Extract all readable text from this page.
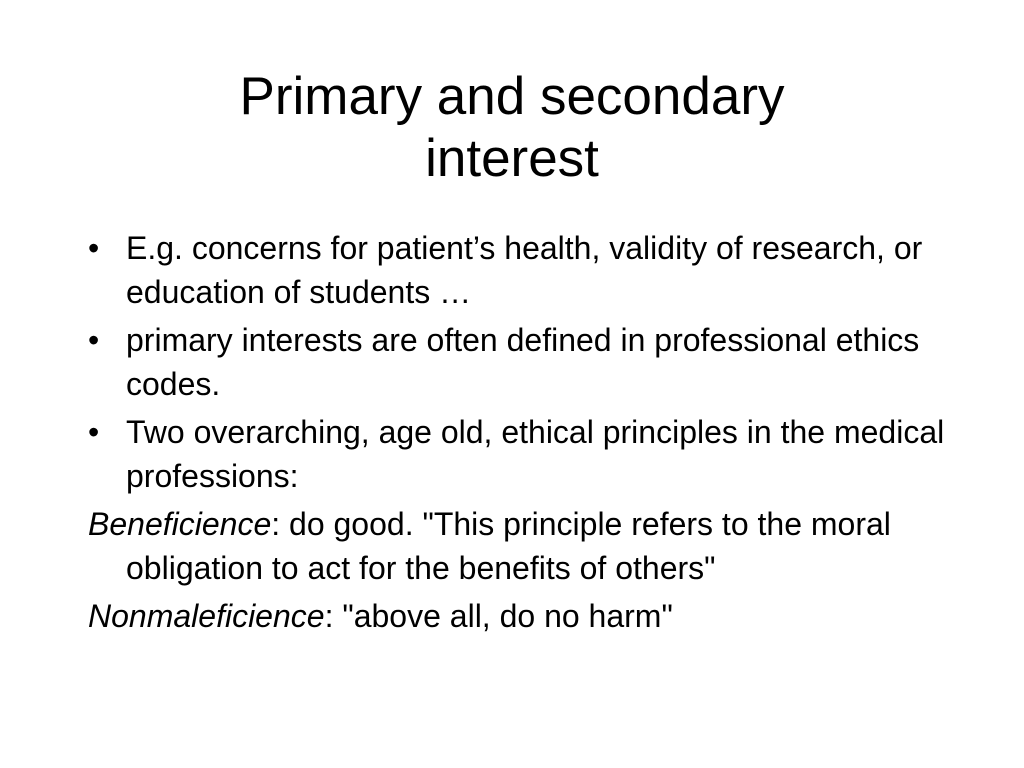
Primary and secondary
interest

• E.g. concerns for patient’s health, validity of research, or education of students …

• primary interests are often defined in professional ethics codes.

• Two overarching, age old, ethical principles in the medical professions:

Beneficience: do good. "This principle refers to the moral obligation to act for the benefits of others"

Nonmaleficience: "above all, do no harm"
